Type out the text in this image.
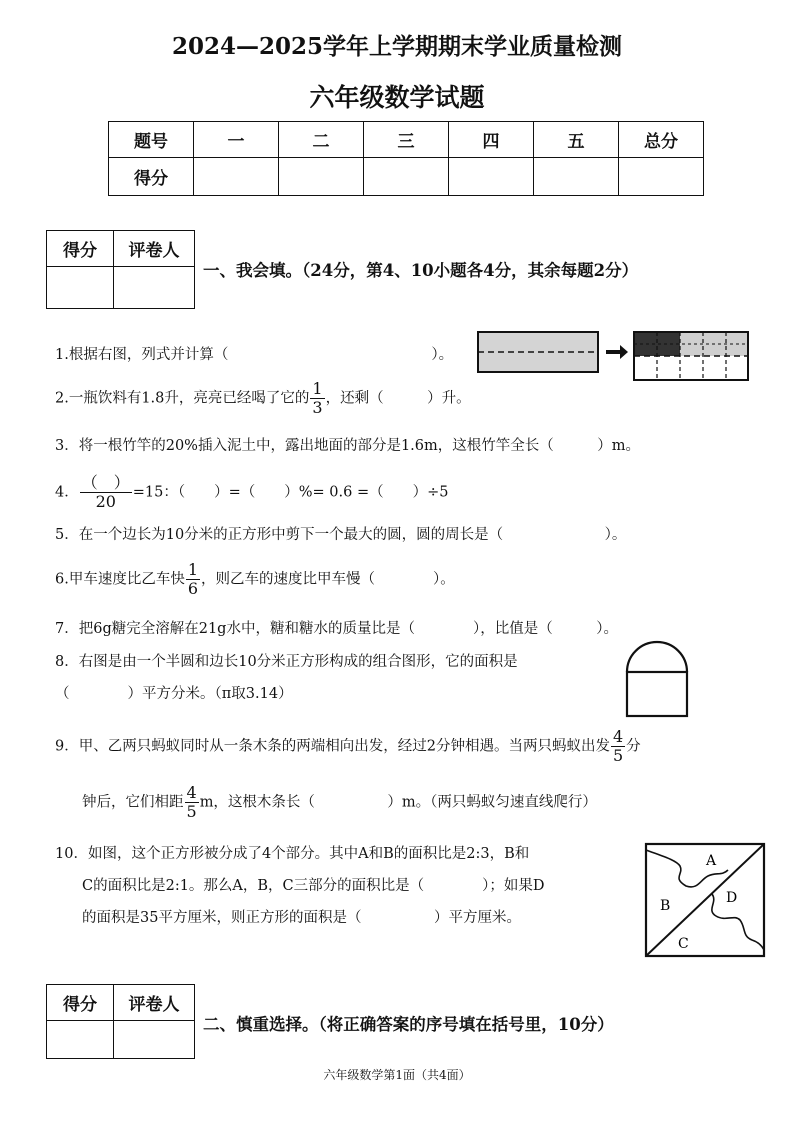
2024—2025学年上学期期末学业质量检测
六年级数学试题
题号	一	二	三	四	五	总分
得分						
得分	评卷人

一、我会填。（24分，第4、10小题各4分，其余每题2分）
1.根据右图，列式并计算（　　　　　　　　　　　　　　）。
2.一瓶饮料有1.8升，亮亮已经喝了它的 $\frac{1}{3}$ ，还剩（　　　）升。
3．将一根竹竿的20%插入泥土中，露出地面的部分是1.6m，这根竹竿全长（　　　）m。
4． $\frac{( )}{20} =15$：（　　）=（　　）%= 0.6 =（　　）÷5
5．在一个边长为10分米的正方形中剪下一个最大的圆，圆的周长是（　　　　　　　）。
6.甲车速度比乙车快 $\frac{1}{6}$ ，则乙车的速度比甲车慢（　　　　）。
7．把6g糖完全溶解在21g水中，糖和糖水的质量比是（　　　　），比值是（　　　）。
8．右图是由一个半圆和边长10分米正方形构成的组合图形，它的面积是
（　　　　）平方分米。（π取3.14）
9．甲、乙两只蚂蚁同时从一条木条的两端相向出发，经过2分钟相遇。当两只蚂蚁出发 $\frac{4}{5}$ 分
钟后，它们相距 $\frac{4}{5}$ m，这根木条长（　　　　　）m。（两只蚂蚁匀速直线爬行）
10．如图，这个正方形被分成了4个部分。其中A和B的面积比是2:3，B和
C的面积比是2:1。那么A，B，C三部分的面积比是（　　　　）；如果D
的面积是35平方厘米，则正方形的面积是（　　　　　）平方厘米。
A
B	D
C
得分	评卷人

二、慎重选择。（将正确答案的序号填在括号里，10分）
六年级数学第1面（共4面）
